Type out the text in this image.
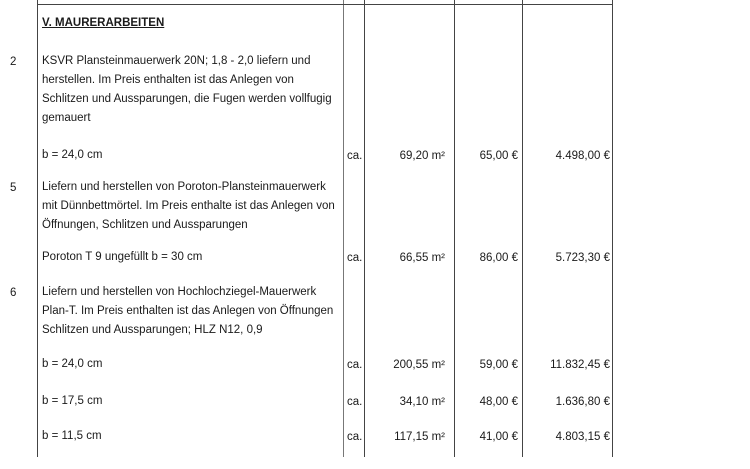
V. MAURERARBEITEN
2 KSVR Plansteinmauerwerk 20N; 1,8 - 2,0 liefern und herstellen. Im Preis enthalten ist das Anlegen von Schlitzen und Aussparungen, die Fugen werden vollfugig gemauert
b = 24,0 cm	ca.	69,20 m²	65,00 €	4.498,00 €
5 Liefern und herstellen von Poroton-Plansteinmauerwerk mit Dünnbettmörtel. Im Preis enthalte ist das Anlegen von Öffnungen, Schlitzen und Aussparungen
Poroton T 9 ungefüllt b = 30 cm	ca.	66,55 m²	86,00 €	5.723,30 €
6 Liefern und herstellen von Hochlochziegel-Mauerwerk Plan-T. Im Preis enthalten ist das Anlegen von Öffnungen Schlitzen und Aussparungen; HLZ N12, 0,9
b = 24,0 cm	ca.	200,55 m²	59,00 €	11.832,45 €
b = 17,5 cm	ca.	34,10 m²	48,00 €	1.636,80 €
b = 11,5 cm	ca.	117,15 m²	41,00 €	4.803,15 €
